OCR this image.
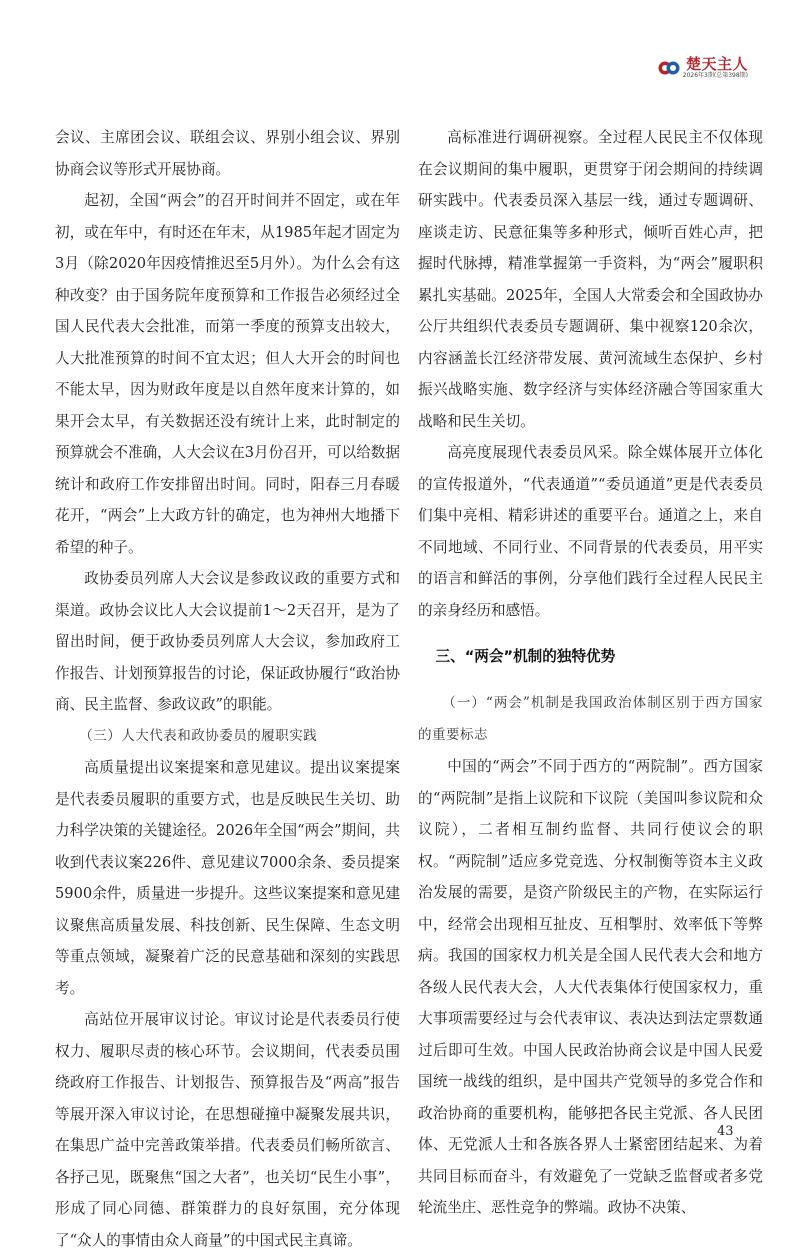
楚天主人
2026年3期(总第398期)

会议、主席团会议、联组会议、界别小组会议、界别协商会议等形式开展协商。

起初，全国“两会”的召开时间并不固定，或在年初，或在年中，有时还在年末，从1985年起才固定为3月（除2020年因疫情推迟至5月外）。为什么会有这种改变？由于国务院年度预算和工作报告必须经过全国人民代表大会批准，而第一季度的预算支出较大，人大批准预算的时间不宜太迟；但人大开会的时间也不能太早，因为财政年度是以自然年度来计算的，如果开会太早，有关数据还没有统计上来，此时制定的预算就会不准确，人大会议在3月份召开，可以给数据统计和政府工作安排留出时间。同时，阳春三月春暖花开，“两会”上大政方针的确定，也为神州大地播下希望的种子。

政协委员列席人大会议是参政议政的重要方式和渠道。政协会议比人大会议提前1～2天召开，是为了留出时间，便于政协委员列席人大会议，参加政府工作报告、计划预算报告的讨论，保证政协履行“政治协商、民主监督、参政议政”的职能。

（三）人大代表和政协委员的履职实践

高质量提出议案提案和意见建议。提出议案提案是代表委员履职的重要方式，也是反映民生关切、助力科学决策的关键途径。2026年全国“两会”期间，共收到代表议案226件、意见建议7000余条、委员提案5900余件，质量进一步提升。这些议案提案和意见建议聚焦高质量发展、科技创新、民生保障、生态文明等重点领域，凝聚着广泛的民意基础和深刻的实践思考。

高站位开展审议讨论。审议讨论是代表委员行使权力、履职尽责的核心环节。会议期间，代表委员围绕政府工作报告、计划报告、预算报告及“两高”报告等展开深入审议讨论，在思想碰撞中凝聚发展共识，在集思广益中完善政策举措。代表委员们畅所欲言、各抒己见，既聚焦“国之大者”，也关切“民生小事”，形成了同心同德、群策群力的良好氛围，充分体现了“众人的事情由众人商量”的中国式民主真谛。

高标准进行调研视察。全过程人民民主不仅体现在会议期间的集中履职，更贯穿于闭会期间的持续调研实践中。代表委员深入基层一线，通过专题调研、座谈走访、民意征集等多种形式，倾听百姓心声，把握时代脉搏，精准掌握第一手资料，为“两会”履职积累扎实基础。2025年，全国人大常委会和全国政协办公厅共组织代表委员专题调研、集中视察120余次，内容涵盖长江经济带发展、黄河流域生态保护、乡村振兴战略实施、数字经济与实体经济融合等国家重大战略和民生关切。

高亮度展现代表委员风采。除全媒体展开立体化的宣传报道外，“代表通道”“委员通道”更是代表委员们集中亮相、精彩讲述的重要平台。通道之上，来自不同地域、不同行业、不同背景的代表委员，用平实的语言和鲜活的事例，分享他们践行全过程人民民主的亲身经历和感悟。

三、“两会”机制的独特优势
（一）“两会”机制是我国政治体制区别于西方国家的重要标志

中国的“两会”不同于西方的“两院制”。西方国家的“两院制”是指上议院和下议院（美国叫参议院和众议院），二者相互制约监督、共同行使议会的职权。“两院制”适应多党竞选、分权制衡等资本主义政治发展的需要，是资产阶级民主的产物，在实际运行中，经常会出现相互扯皮、互相掣肘、效率低下等弊病。我国的国家权力机关是全国人民代表大会和地方各级人民代表大会，人大代表集体行使国家权力，重大事项需要经过与会代表审议、表决达到法定票数通过后即可生效。中国人民政治协商会议是中国人民爱国统一战线的组织，是中国共产党领导的多党合作和政治协商的重要机构，能够把各民主党派、各人民团体、无党派人士和各族各界人士紧密团结起来、为着共同目标而奋斗，有效避免了一党缺乏监督或者多党轮流坐庄、恶性竞争的弊端。政协不决策、

43
